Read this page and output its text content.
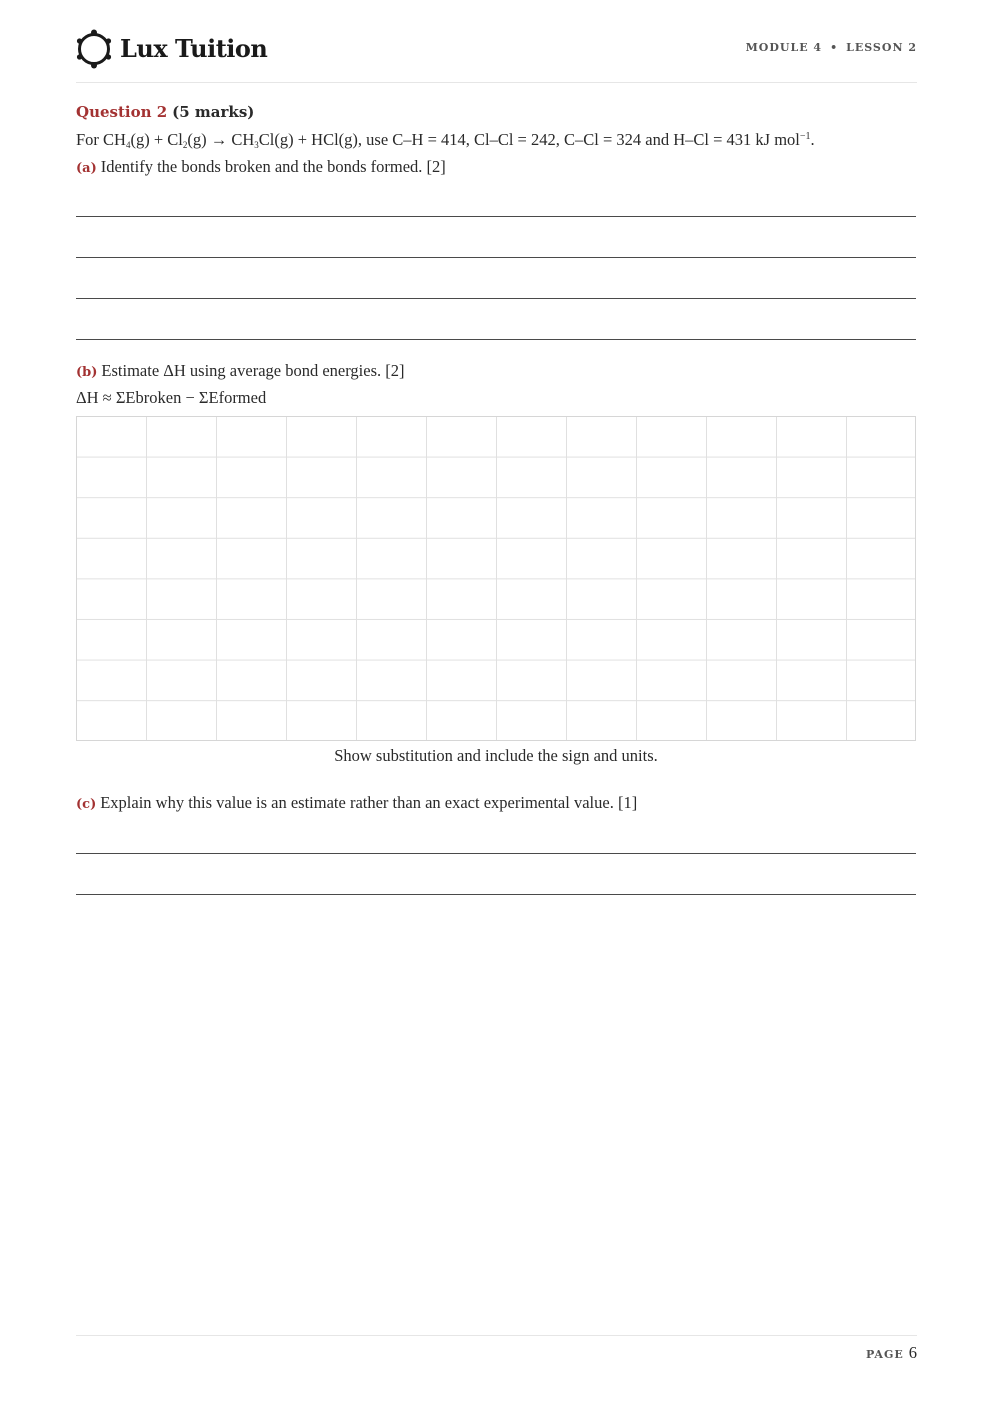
Lux Tuition	MODULE 4 • LESSON 2
Question 2 (5 marks)
For $CH_4(g) + Cl_2(g) \to CH_3Cl(g) + HCl(g)$, use C–H = 414, Cl–Cl = 242, C–Cl = 324 and H–Cl = 431 kJ mol$^{-1}$.
(a) Identify the bonds broken and the bonds formed. [2]
(b) Estimate ΔH using average bond energies. [2]
ΔH ≈ ΣEbroken − ΣEformed
Show substitution and include the sign and units.
(c) Explain why this value is an estimate rather than an exact experimental value. [1]
PAGE 6
